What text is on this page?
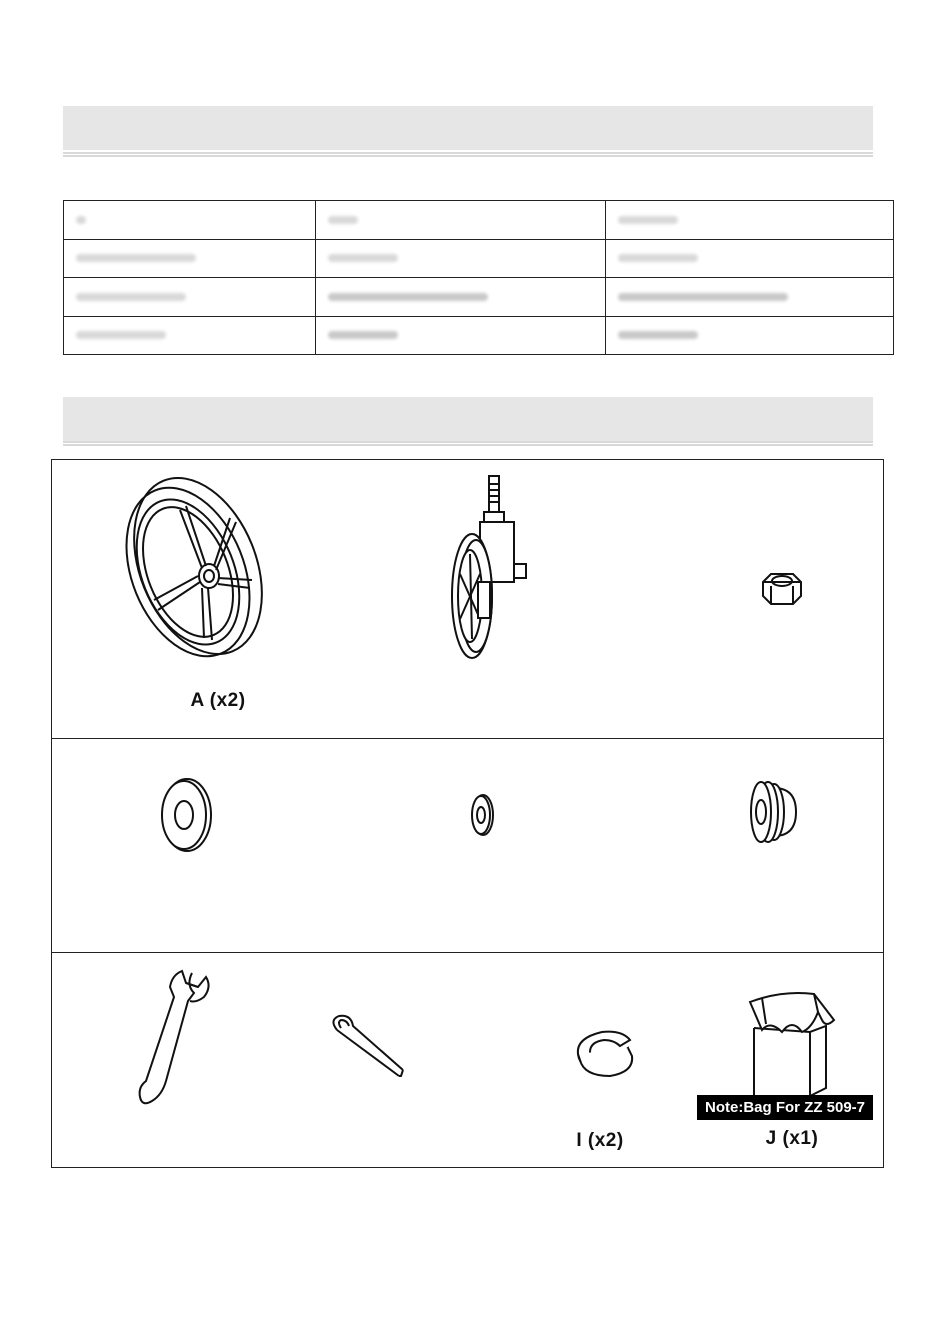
A (x2)
I (x2)
Note:Bag For ZZ 509-7
J (x1)
